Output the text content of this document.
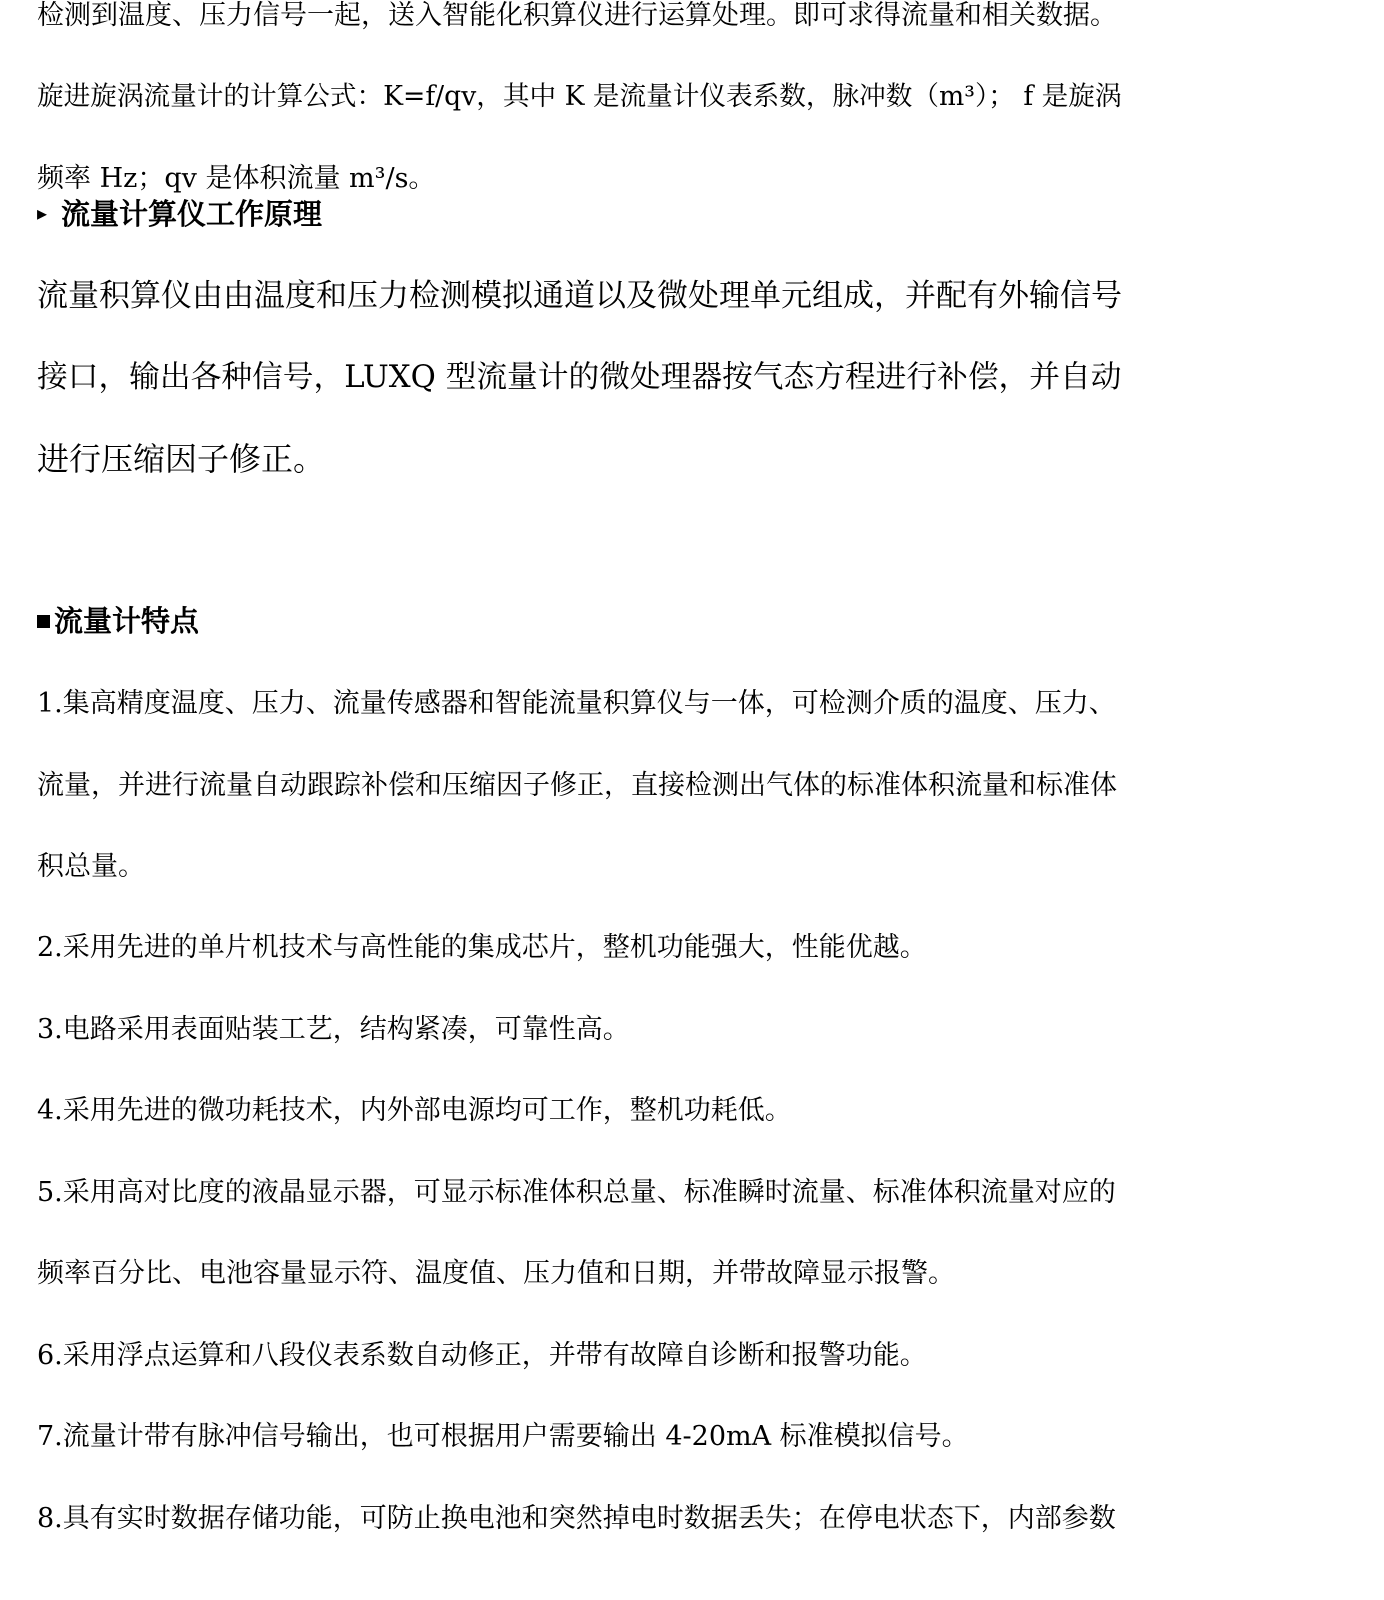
检测到温度、压力信号一起，送入智能化积算仪进行运算处理。即可求得流量和相关数据。
旋进旋涡流量计的计算公式：K=f/qv，其中 K 是流量计仪表系数，脉冲数（m³）； f 是旋涡
频率 Hz；qv 是体积流量 m³/s。
▸ 流量计算仪工作原理
流量积算仪由由温度和压力检测模拟通道以及微处理单元组成，并配有外输信号
接口，输出各种信号，LUXQ 型流量计的微处理器按气态方程进行补偿，并自动
进行压缩因子修正。
流量计特点
1.集高精度温度、压力、流量传感器和智能流量积算仪与一体，可检测介质的温度、压力、
流量，并进行流量自动跟踪补偿和压缩因子修正，直接检测出气体的标准体积流量和标准体
积总量。
2.采用先进的单片机技术与高性能的集成芯片，整机功能强大，性能优越。
3.电路采用表面贴装工艺，结构紧凑，可靠性高。
4.采用先进的微功耗技术，内外部电源均可工作，整机功耗低。
5.采用高对比度的液晶显示器，可显示标准体积总量、标准瞬时流量、标准体积流量对应的
频率百分比、电池容量显示符、温度值、压力值和日期，并带故障显示报警。
6.采用浮点运算和八段仪表系数自动修正，并带有故障自诊断和报警功能。
7.流量计带有脉冲信号输出，也可根据用户需要输出 4-20mA 标准模拟信号。
8.具有实时数据存储功能，可防止换电池和突然掉电时数据丢失；在停电状态下，内部参数
